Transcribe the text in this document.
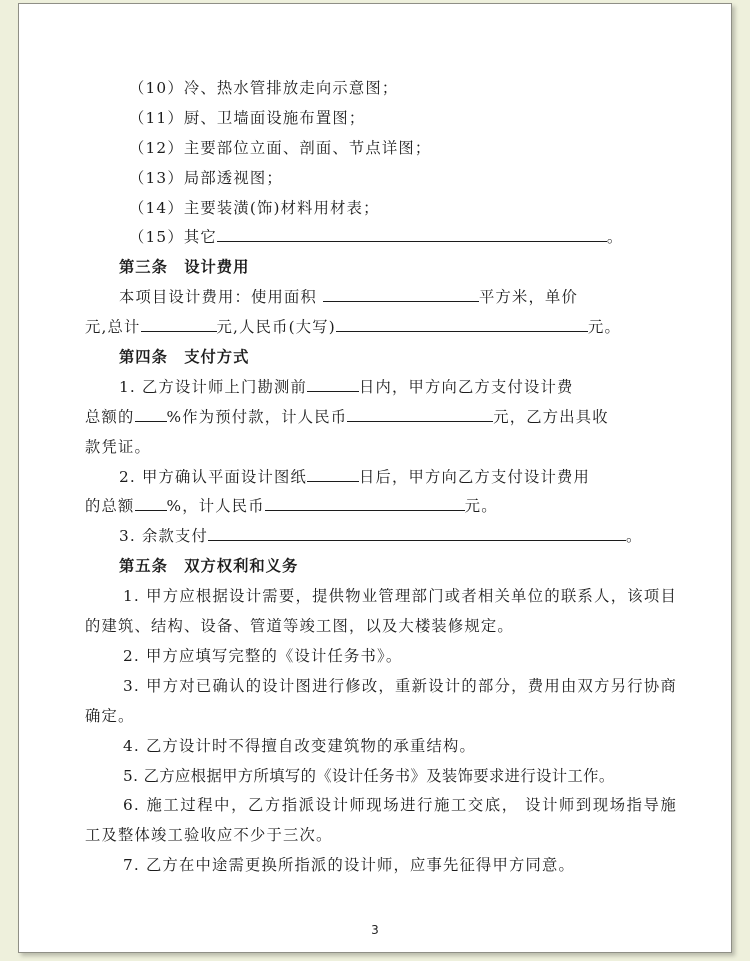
（10）冷、热水管排放走向示意图；
（11）厨、卫墙面设施布置图；
（12）主要部位立面、剖面、节点详图；
（13）局部透视图；
（14）主要装潢(饰)材料用材表；
（15）其它	。
第三条　设计费用
本项目设计费用：使用面积	平方米，单价
元,总计	元,人民币(大写)	元。
第四条　支付方式
1. 乙方设计师上门勘测前	日内，甲方向乙方支付设计费
总额的 %作为预付款，计人民币	元，乙方出具收
款凭证。
2. 甲方确认平面设计图纸	日后，甲方向乙方支付设计费用
的总额 %，计人民币	元。
3. 余款支付	。
第五条　双方权利和义务
1. 甲方应根据设计需要，提供物业管理部门或者相关单位的联系人，该项目的建筑、结构、设备、管道等竣工图，以及大楼装修规定。
2. 甲方应填写完整的《设计任务书》。
3. 甲方对已确认的设计图进行修改，重新设计的部分，费用由双方另行协商确定。
4. 乙方设计时不得擅自改变建筑物的承重结构。
5. 乙方应根据甲方所填写的《设计任务书》及装饰要求进行设计工作。
6. 施工过程中，乙方指派设计师现场进行施工交底， 设计师到现场指导施工及整体竣工验收应不少于三次。
7. 乙方在中途需更换所指派的设计师，应事先征得甲方同意。
3
